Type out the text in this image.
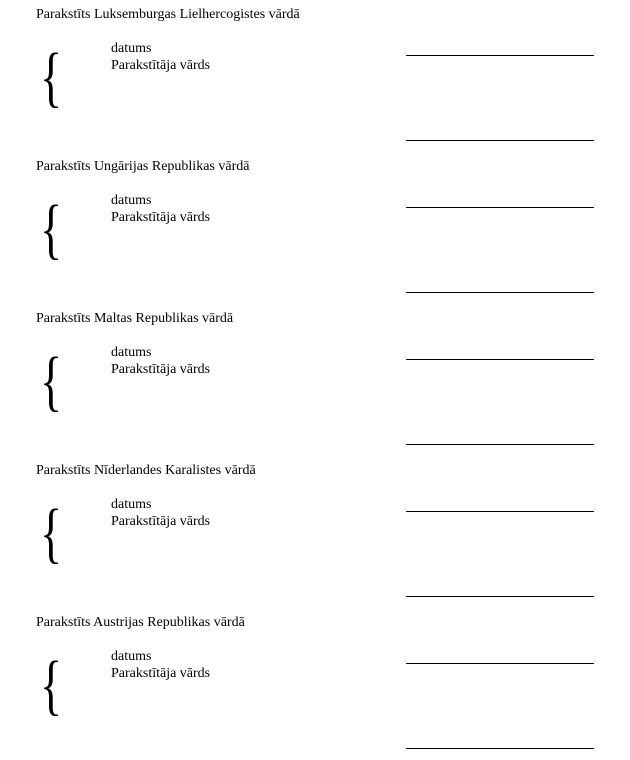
Parakstīts Luksemburgas Lielhercogistes vārdā
{	datums
Parakstītāja vārds
Parakstīts Ungārijas Republikas vārdā
{	datums
Parakstītāja vārds
Parakstīts Maltas Republikas vārdā
{	datums
Parakstītāja vārds
Parakstīts Nīderlandes Karalistes vārdā
{	datums
Parakstītāja vārds
Parakstīts Austrijas Republikas vārdā
{	datums
Parakstītāja vārds
